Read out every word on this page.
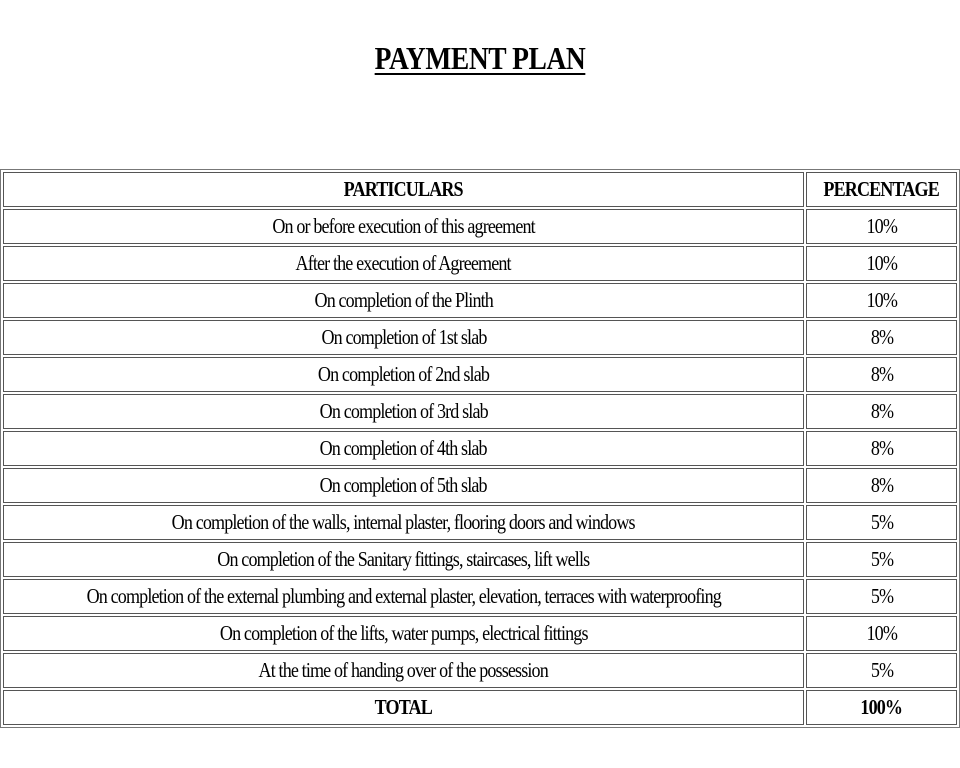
PAYMENT PLAN
PARTICULARS	PERCENTAGE
On or before execution of this agreement	10%
After the execution of Agreement	10%
On completion of the Plinth	10%
On completion of 1st slab	8%
On completion of 2nd slab	8%
On completion of 3rd slab	8%
On completion of 4th slab	8%
On completion of 5th slab	8%
On completion of the walls, internal plaster, flooring doors and windows	5%
On completion of the Sanitary fittings, staircases, lift wells	5%
On completion of the external plumbing and external plaster, elevation, terraces with waterproofing	5%
On completion of the lifts, water pumps, electrical fittings	10%
At the time of handing over of the possession	5%
TOTAL	100%
